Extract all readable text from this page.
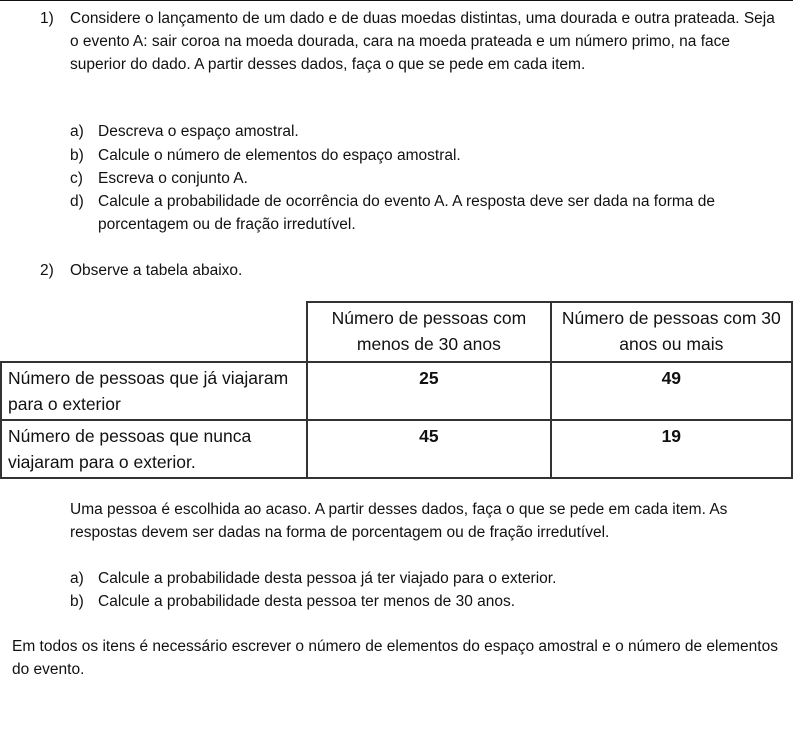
1) Considere o lançamento de um dado e de duas moedas distintas, uma dourada e outra prateada. Seja o evento A: sair coroa na moeda dourada, cara na moeda prateada e um número primo, na face superior do dado. A partir desses dados, faça o que se pede em cada item.
a) Descreva o espaço amostral.
b) Calcule o número de elementos do espaço amostral.
c) Escreva o conjunto A.
d) Calcule a probabilidade de ocorrência do evento A. A resposta deve ser dada na forma de porcentagem ou de fração irredutível.
2) Observe a tabela abaixo.
	Número de pessoas com menos de 30 anos	Número de pessoas com 30 anos ou mais
Número de pessoas que já viajaram para o exterior	25	49
Número de pessoas que nunca viajaram para o exterior.	45	19
Uma pessoa é escolhida ao acaso. A partir desses dados, faça o que se pede em cada item. As respostas devem ser dadas na forma de porcentagem ou de fração irredutível.
a) Calcule a probabilidade desta pessoa já ter viajado para o exterior.
b) Calcule a probabilidade desta pessoa ter menos de 30 anos.
Em todos os itens é necessário escrever o número de elementos do espaço amostral e o número de elementos do evento.
